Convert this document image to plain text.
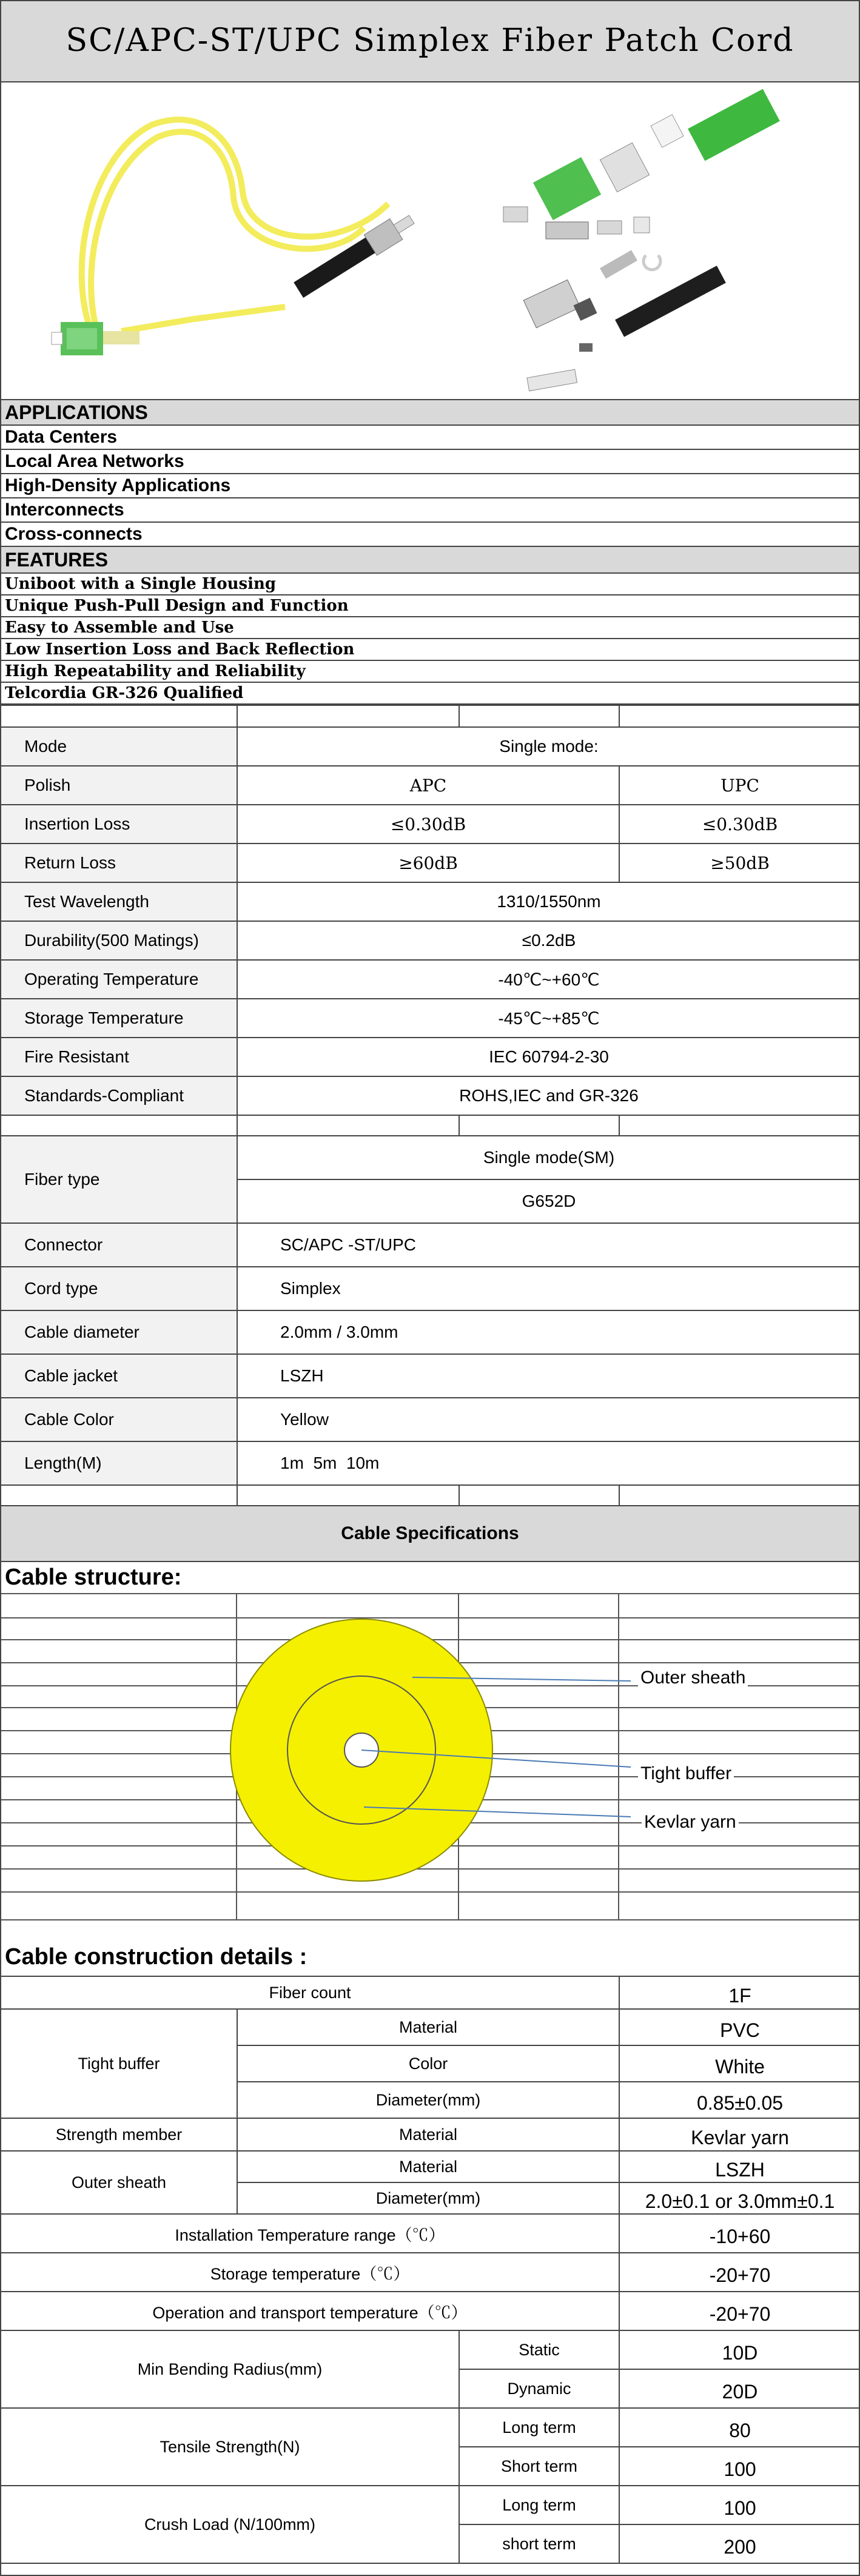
SC/APC-ST/UPC Simplex Fiber Patch Cord
APPLICATIONS
Data Centers
Local Area Networks
High-Density Applications
Interconnects
Cross-connects
FEATURES
Uniboot with a Single Housing
Unique Push-Pull Design and Function
Easy to Assemble and Use
Low Insertion Loss and Back Reflection
High Repeatability and Reliability
Telcordia GR-326 Qualified

Mode	Single mode:		
Polish	APC		UPC
Insertion Loss	≤0.30dB		≤0.30dB
Return Loss	≥60dB		≥50dB
Test Wavelength	1310/1550nm		
Durability(500 Matings)	≤0.2dB		
Operating Temperature	-40℃~+60℃		
Storage Temperature	-45℃~+85℃		
Fire Resistant	IEC 60794-2-30		
Standards-Compliant	ROHS,IEC and GR-326		

Fiber type	Single mode(SM)		
	G652D		
Connector	SC/APC -ST/UPC		
Cord type	Simplex		
Cable diameter	2.0mm / 3.0mm		
Cable jacket	LSZH		
Cable Color	Yellow		
Length(M)	1m  5m  10m		

Cable Specifications
Cable structure:
Outer sheath
Tight buffer
Kevlar yarn
Cable construction details :
Fiber count			1F
Tight buffer	Material		PVC
	Color		White
	Diameter(mm)		0.85±0.05
Strength member	Material		Kevlar yarn
Outer sheath	Material		LSZH
	Diameter(mm)		2.0±0.1 or 3.0mm±0.1
Installation Temperature range（℃）			-10+60
Storage temperature（℃）			-20+70
Operation and transport temperature（℃）			-20+70
Min Bending Radius(mm)		Static	10D
		Dynamic	20D
Tensile Strength(N)		Long term	80
		Short term	100
Crush Load (N/100mm)		Long term	100
		short term	200
